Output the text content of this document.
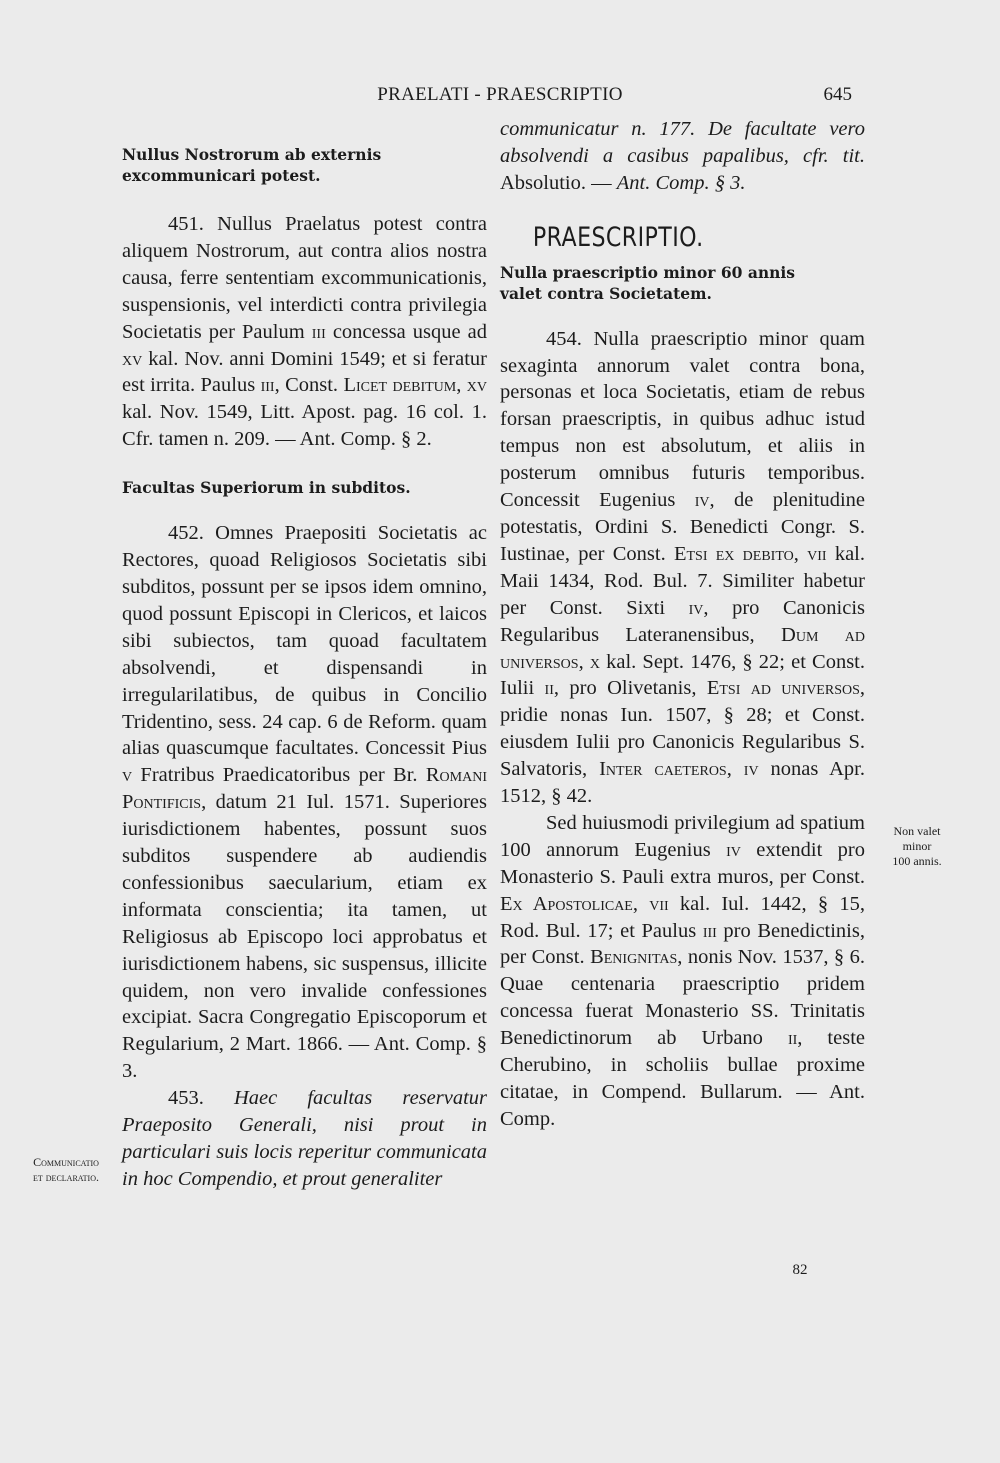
PRAELATI - PRAESCRIPTIO	645

Nullus Nostrorum ab externis
excommunicari potest.

451. Nullus Praelatus potest contra aliquem Nostrorum, aut contra alios nostra causa, ferre sententiam excommunicationis, suspensionis, vel interdicti contra privilegia Societatis per Paulum iii concessa usque ad xv kal. Nov. anni Domini 1549; et si feratur est irrita. Paulus iii, Const. Licet debitum, xv kal. Nov. 1549, Litt. Apost. pag. 16 col. 1. Cfr. tamen n. 209. — Ant. Comp. § 2.

Facultas Superiorum in subditos.

452. Omnes Praepositi Societatis ac Rectores, quoad Religiosos Societatis sibi subditos, possunt per se ipsos idem omnino, quod possunt Episcopi in Clericos, et laicos sibi subiectos, tam quoad facultatem absolvendi, et dispensandi in irregularilatibus, de quibus in Concilio Tridentino, sess. 24 cap. 6 de Reform. quam alias quascumque facultates. Concessit Pius v Fratribus Praedicatoribus per Br. Romani Pontificis, datum 21 Iul. 1571. Superiores iurisdictionem habentes, possunt suos subditos suspendere ab audiendis confessionibus saecularium, etiam ex informata conscientia; ita tamen, ut Religiosus ab Episcopo loci approbatus et iurisdictionem habens, sic suspensus, illicite quidem, non vero invalide confessiones excipiat. Sacra Congregatio Episcoporum et Regularium, 2 Mart. 1866. — Ant. Comp. § 3.

453. Haec facultas reservatur Praeposito Generali, nisi prout in particulari suis locis reperitur communicata in hoc Compendio, et prout generaliter

communicatur n. 177. De facultate vero absolvendi a casibus papalibus, cfr. tit. Absolutio. — Ant. Comp. § 3.

PRAESCRIPTIO.

Nulla praescriptio minor 60 annis
valet contra Societatem.

454. Nulla praescriptio minor quam sexaginta annorum valet contra bona, personas et loca Societatis, etiam de rebus forsan praescriptis, in quibus adhuc istud tempus non est absolutum, et aliis in posterum omnibus futuris temporibus. Concessit Eugenius iv, de plenitudine potestatis, Ordini S. Benedicti Congr. S. Iustinae, per Const. Etsi ex debito, vii kal. Maii 1434, Rod. Bul. 7. Similiter habetur per Const. Sixti iv, pro Canonicis Regularibus Lateranensibus, Dum ad universos, x kal. Sept. 1476, § 22; et Const. Iulii ii, pro Olivetanis, Etsi ad universos, pridie nonas Iun. 1507, § 28; et Const. eiusdem Iulii pro Canonicis Regularibus S. Salvatoris, Inter caeteros, iv nonas Apr. 1512, § 42.

Sed huiusmodi privilegium ad spatium 100 annorum Eugenius iv extendit pro Monasterio S. Pauli extra muros, per Const. Ex Apostolicae, vii kal. Iul. 1442, § 15, Rod. Bul. 17; et Paulus iii pro Benedictinis, per Const. Benignitas, nonis Nov. 1537, § 6. Quae centenaria praescriptio pridem concessa fuerat Monasterio SS. Trinitatis Benedictinorum ab Urbano ii, teste Cherubino, in scholiis bullae proxime citatae, in Compend. Bullarum. — Ant. Comp.

Communicatio
et declaratio.
Non valet
minor
100 annis.
82
